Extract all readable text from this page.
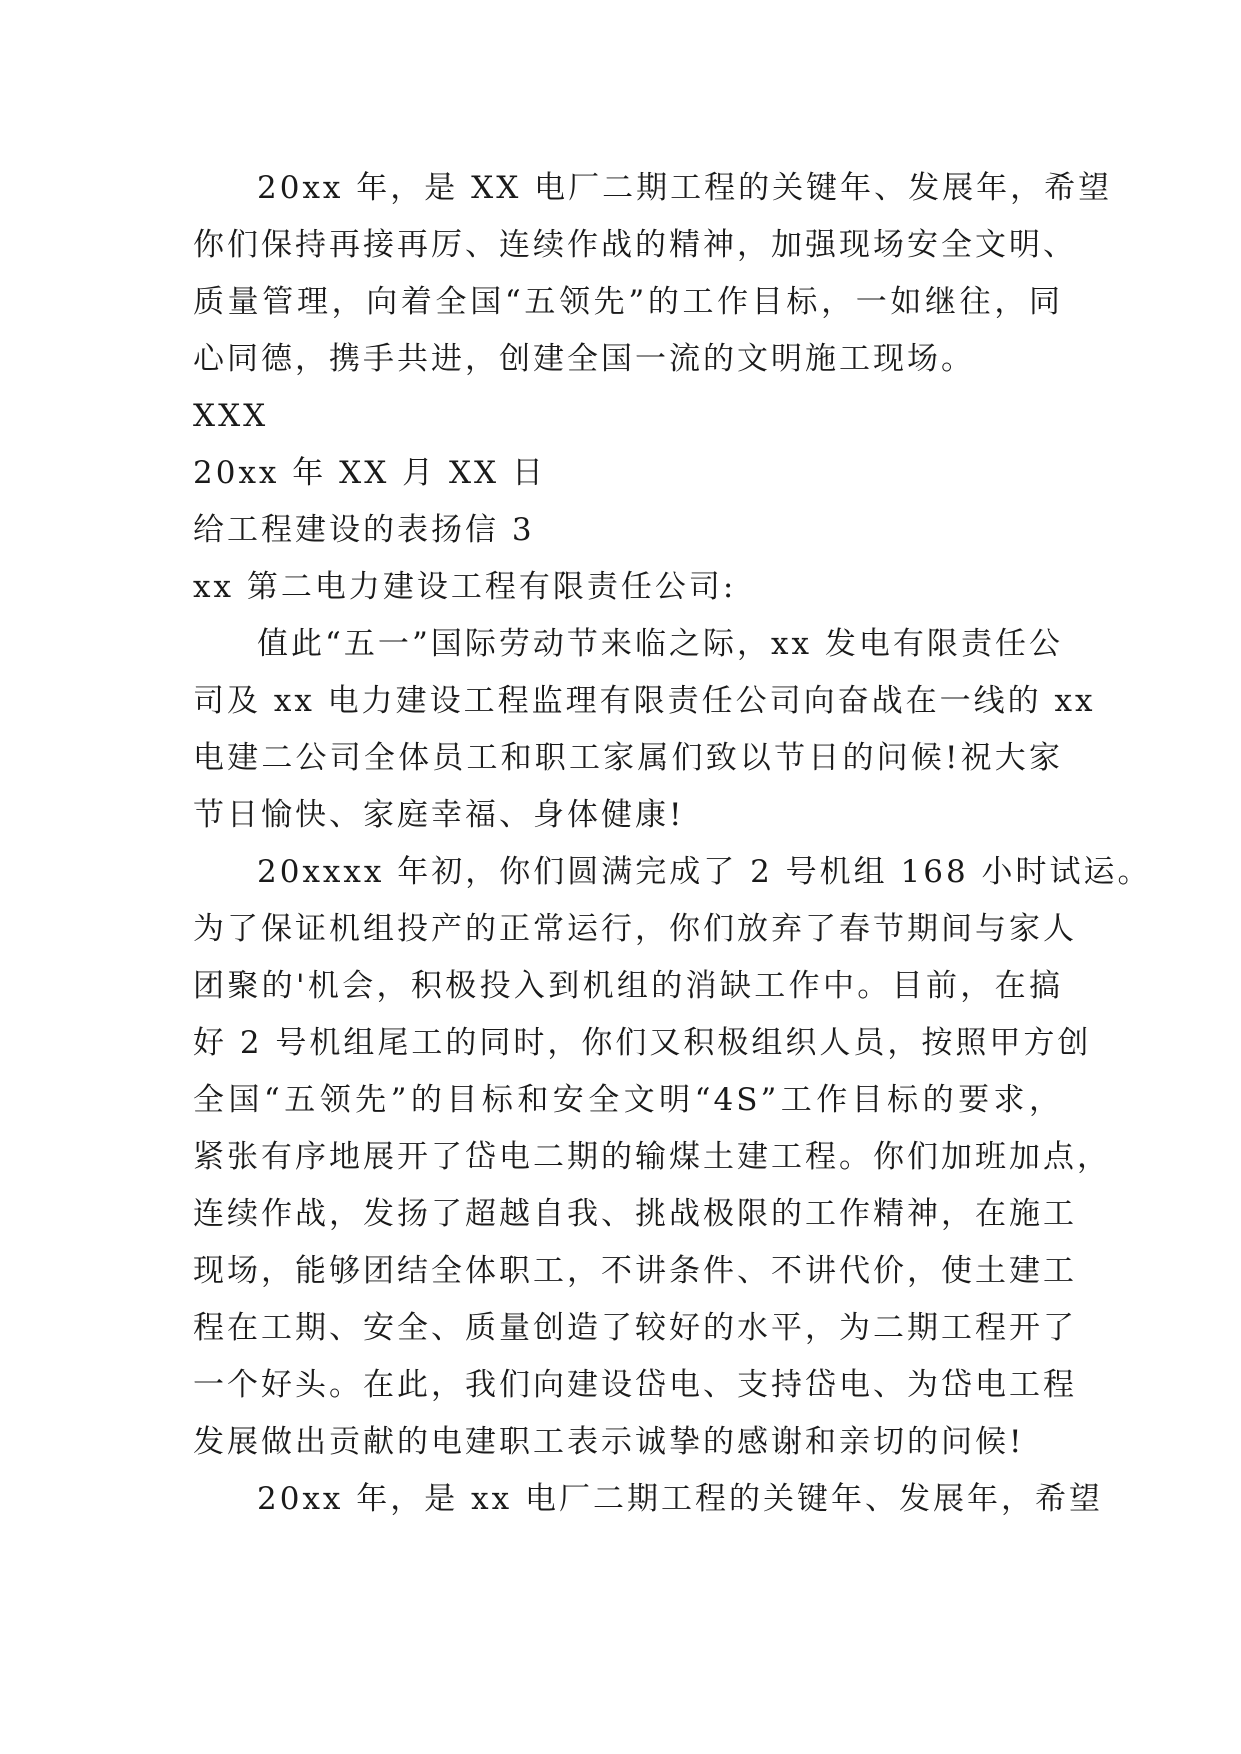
20xx 年，是 XX 电厂二期工程的关键年、发展年，希望
你们保持再接再厉、连续作战的精神，加强现场安全文明、
质量管理，向着全国“五领先”的工作目标，一如继往，同
心同德，携手共进，创建全国一流的文明施工现场。
XXX
20xx 年 XX 月 XX 日
给工程建设的表扬信 3
xx 第二电力建设工程有限责任公司:
值此“五一”国际劳动节来临之际，xx 发电有限责任公
司及 xx 电力建设工程监理有限责任公司向奋战在一线的 xx
电建二公司全体员工和职工家属们致以节日的问候!祝大家
节日愉快、家庭幸福、身体健康!
20xxxx 年初，你们圆满完成了 2 号机组 168 小时试运。
为了保证机组投产的正常运行，你们放弃了春节期间与家人
团聚的'机会，积极投入到机组的消缺工作中。目前，在搞
好 2 号机组尾工的同时，你们又积极组织人员，按照甲方创
全国“五领先”的目标和安全文明“4S”工作目标的要求，
紧张有序地展开了岱电二期的输煤土建工程。你们加班加点，
连续作战，发扬了超越自我、挑战极限的工作精神，在施工
现场，能够团结全体职工，不讲条件、不讲代价，使土建工
程在工期、安全、质量创造了较好的水平，为二期工程开了
一个好头。在此，我们向建设岱电、支持岱电、为岱电工程
发展做出贡献的电建职工表示诚挚的感谢和亲切的问候!
20xx 年，是 xx 电厂二期工程的关键年、发展年，希望
